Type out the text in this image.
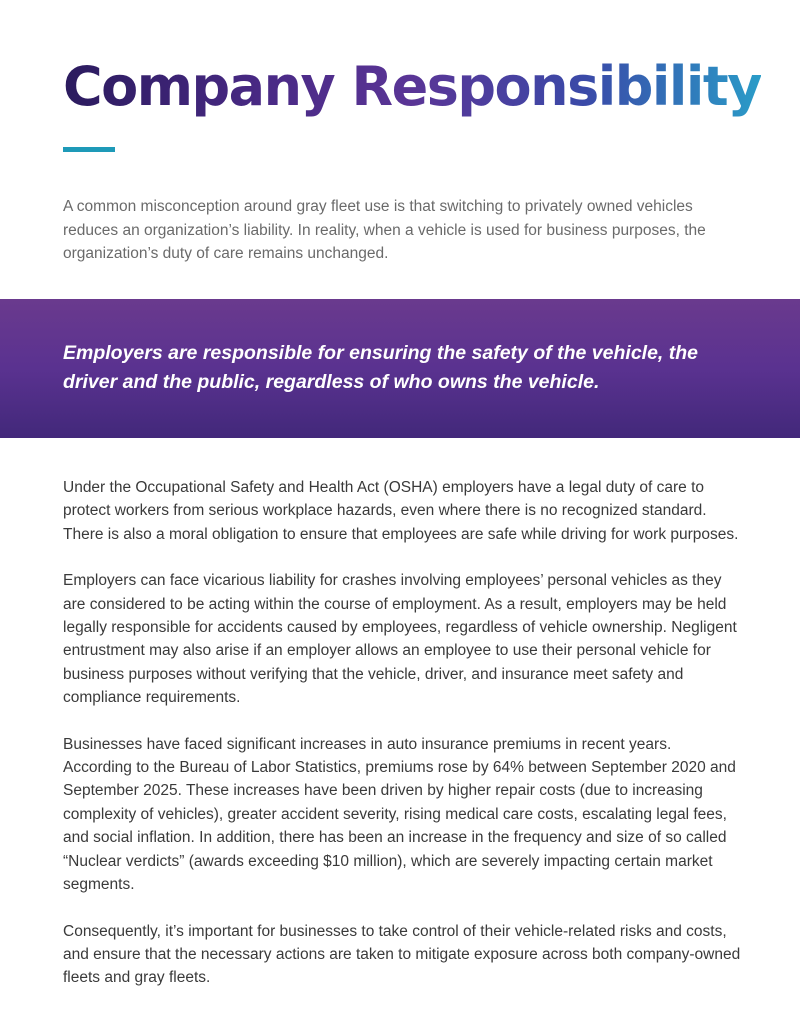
Company Responsibility

A common misconception around gray fleet use is that switching to privately owned vehicles reduces an organization’s liability. In reality, when a vehicle is used for business purposes, the organization’s duty of care remains unchanged.

Employers are responsible for ensuring the safety of the vehicle, the driver and the public, regardless of who owns the vehicle.

Under the Occupational Safety and Health Act (OSHA) employers have a legal duty of care to protect workers from serious workplace hazards, even where there is no recognized standard. There is also a moral obligation to ensure that employees are safe while driving for work purposes.

Employers can face vicarious liability for crashes involving employees’ personal vehicles as they are considered to be acting within the course of employment. As a result, employers may be held legally responsible for accidents caused by employees, regardless of vehicle ownership. Negligent entrustment may also arise if an employer allows an employee to use their personal vehicle for business purposes without verifying that the vehicle, driver, and insurance meet safety and compliance requirements.

Businesses have faced significant increases in auto insurance premiums in recent years. According to the Bureau of Labor Statistics, premiums rose by 64% between September 2020 and September 2025. These increases have been driven by higher repair costs (due to increasing complexity of vehicles), greater accident severity, rising medical care costs, escalating legal fees, and social inflation. In addition, there has been an increase in the frequency and size of so called “Nuclear verdicts” (awards exceeding $10 million), which are severely impacting certain market segments.

Consequently, it’s important for businesses to take control of their vehicle-related risks and costs, and ensure that the necessary actions are taken to mitigate exposure across both company-owned fleets and gray fleets.
